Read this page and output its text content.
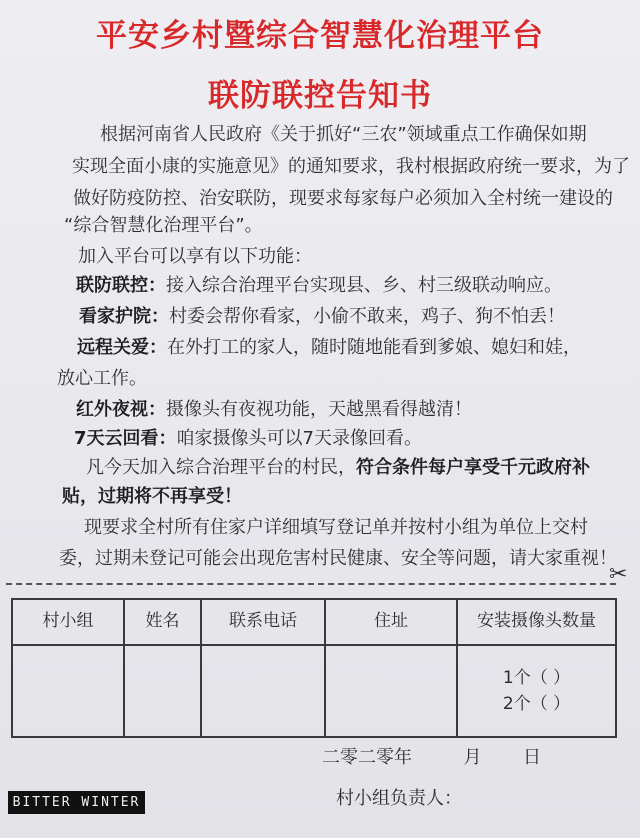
平安乡村暨综合智慧化治理平台
联防联控告知书
根据河南省人民政府《关于抓好“三农”领域重点工作确保如期
实现全面小康的实施意见》的通知要求，我村根据政府统一要求，为了
做好防疫防控、治安联防，现要求每家每户必须加入全村统一建设的
“综合智慧化治理平台”。
加入平台可以享有以下功能：
联防联控：接入综合治理平台实现县、乡、村三级联动响应。
看家护院：村委会帮你看家，小偷不敢来，鸡子、狗不怕丢！
远程关爱：在外打工的家人，随时随地能看到爹娘、媳妇和娃，
放心工作。
红外夜视：摄像头有夜视功能，天越黑看得越清！
7天云回看：咱家摄像头可以7天录像回看。
凡今天加入综合治理平台的村民，符合条件每户享受千元政府补
贴，过期将不再享受！
现要求全村所有住家户详细填写登记单并按村小组为单位上交村
委，过期未登记可能会出现危害村民健康、安全等问题，请大家重视！
✂
村小组	姓名	联系电话	住址	安装摄像头数量

				1个（ ）
2个（ ）
二零二零年	月 日
村小组负责人：
BITTER WINTER
